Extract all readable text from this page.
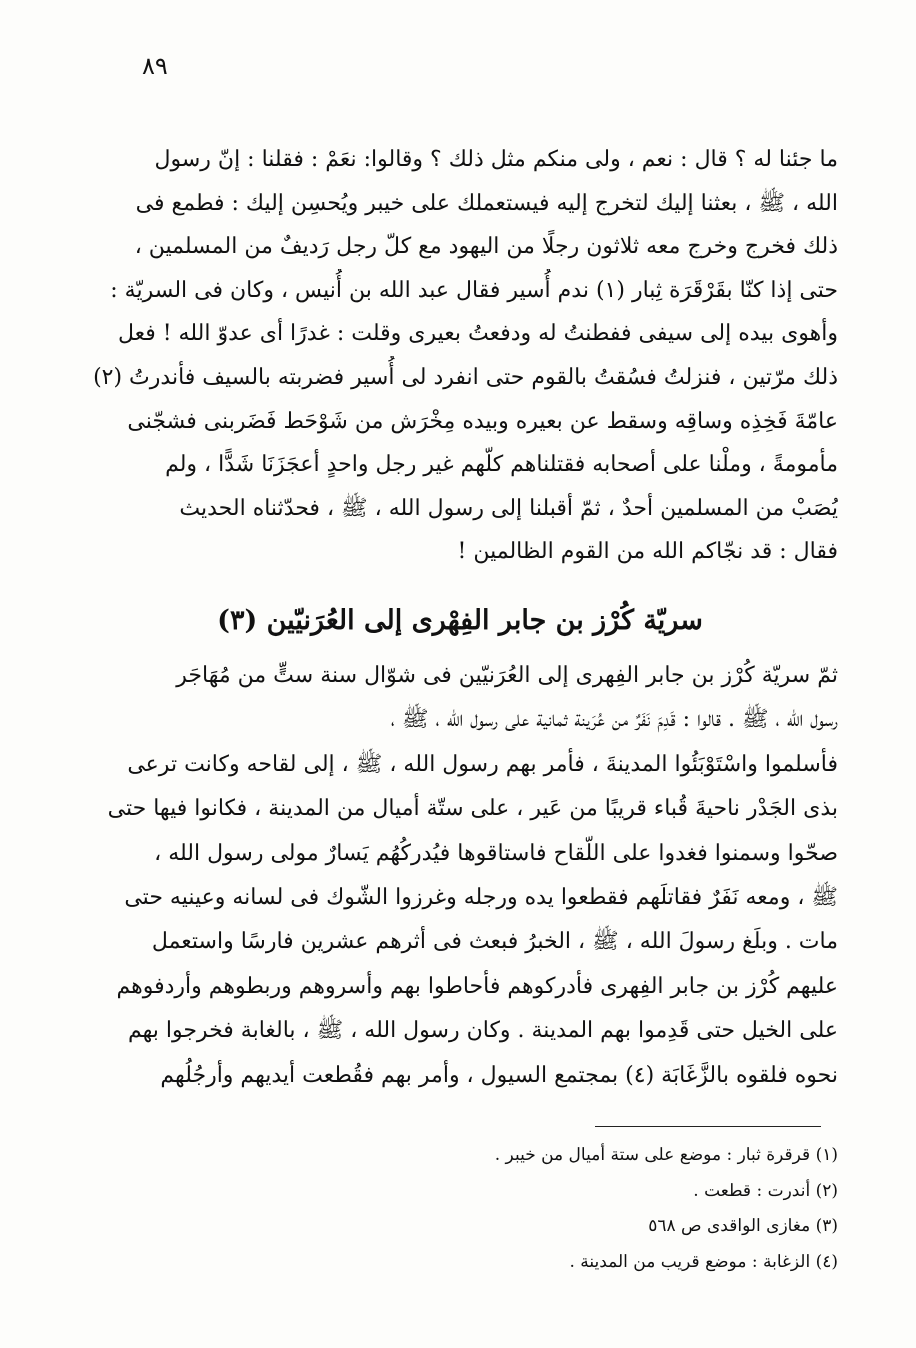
٨٩
ما جئنا له ؟ قال : نعم ، ولى منكم مثل ذلك ؟ وقالوا: نعَمْ : فقلنا : إنّ رسول
الله ، ﷺ ، بعثنا إليك لتخرج إليه فيستعملك على خيبر ويُحسِن إليك : فطمع فى
ذلك فخرج وخرج معه ثلاثون رجلًا من اليهود مع كلّ رجل رَديفٌ من المسلمين ،
حتى إذا كنّا بقَرْقَرَة ثِبار (١) ندم أُسير فقال عبد الله بن أُنيس ، وكان فى السريّة :
وأهوى بيده إلى سيفى ففطنتُ له ودفعتُ بعيرى وقلت : غدرًا أى عدوّ الله ! فعل
ذلك مرّتين ، فنزلتُ فسُقتُ بالقوم حتى انفرد لى أُسير فضربته بالسيف فأندرتُ (٢)
عامّةَ فَخِذِه وساقِه وسقط عن بعيره وبيده مِخْرَش من شَوْحَط فَضَربنى فشجّنى
مأمومةً ، وملْنا على أصحابه فقتلناهم كلّهم غير رجل واحدٍ أعجَزَنَا شَدًّا ، ولم
يُصَبْ من المسلمين أحدٌ ، ثمّ أقبلنا إلى رسول الله ، ﷺ ، فحدّثناه الحديث
فقال : قد نجّاكم الله من القوم الظالمين !
سريّة كُرْز بن جابر الفِهْرى إلى العُرَنيّين (٣)
ثمّ سريّة كُرْز بن جابر الفِهرى إلى العُرَنيّين فى شوّال سنة ستٍّ من مُهَاجَر
رسول الله ، ﷺ . قالوا : قَدِمَ نَفَرٌ من عُرَينة ثمانية على رسول الله ، ﷺ ،
فأسلموا واسْتَوْبَئُوا المدينةَ ، فأمر بهم رسول الله ، ﷺ ، إلى لقاحه وكانت ترعى
بذى الجَدْر ناحيةَ قُباء قريبًا من عَير ، على ستّة أميال من المدينة ، فكانوا فيها حتى
صحّوا وسمنوا فغدوا على اللّقاح فاستاقوها فيُدركُهُم يَسارٌ مولى رسول الله ،
ﷺ ، ومعه نَفَرٌ فقاتلَهم فقطعوا يده ورجله وغرزوا الشّوك فى لسانه وعينيه حتى
مات . وبلَغ رسولَ الله ، ﷺ ، الخبرُ فبعث فى أثرهم عشرين فارسًا واستعمل
عليهم كُرْز بن جابر الفِهرى فأدركوهم فأحاطوا بهم وأسروهم وربطوهم وأردفوهم
على الخيل حتى قَدِموا بهم المدينة . وكان رسول الله ، ﷺ ، بالغابة فخرجوا بهم
نحوه فلقوه بالزَّغَابَة (٤) بمجتمع السيول ، وأمر بهم فقُطعت أيديهم وأرجُلُهم
(١) قرقرة ثبار : موضع على ستة أميال من خيبر .
(٢) أندرت : قطعت .
(٣) مغازى الواقدى ص ٥٦٨
(٤) الزغابة : موضع قريب من المدينة .
